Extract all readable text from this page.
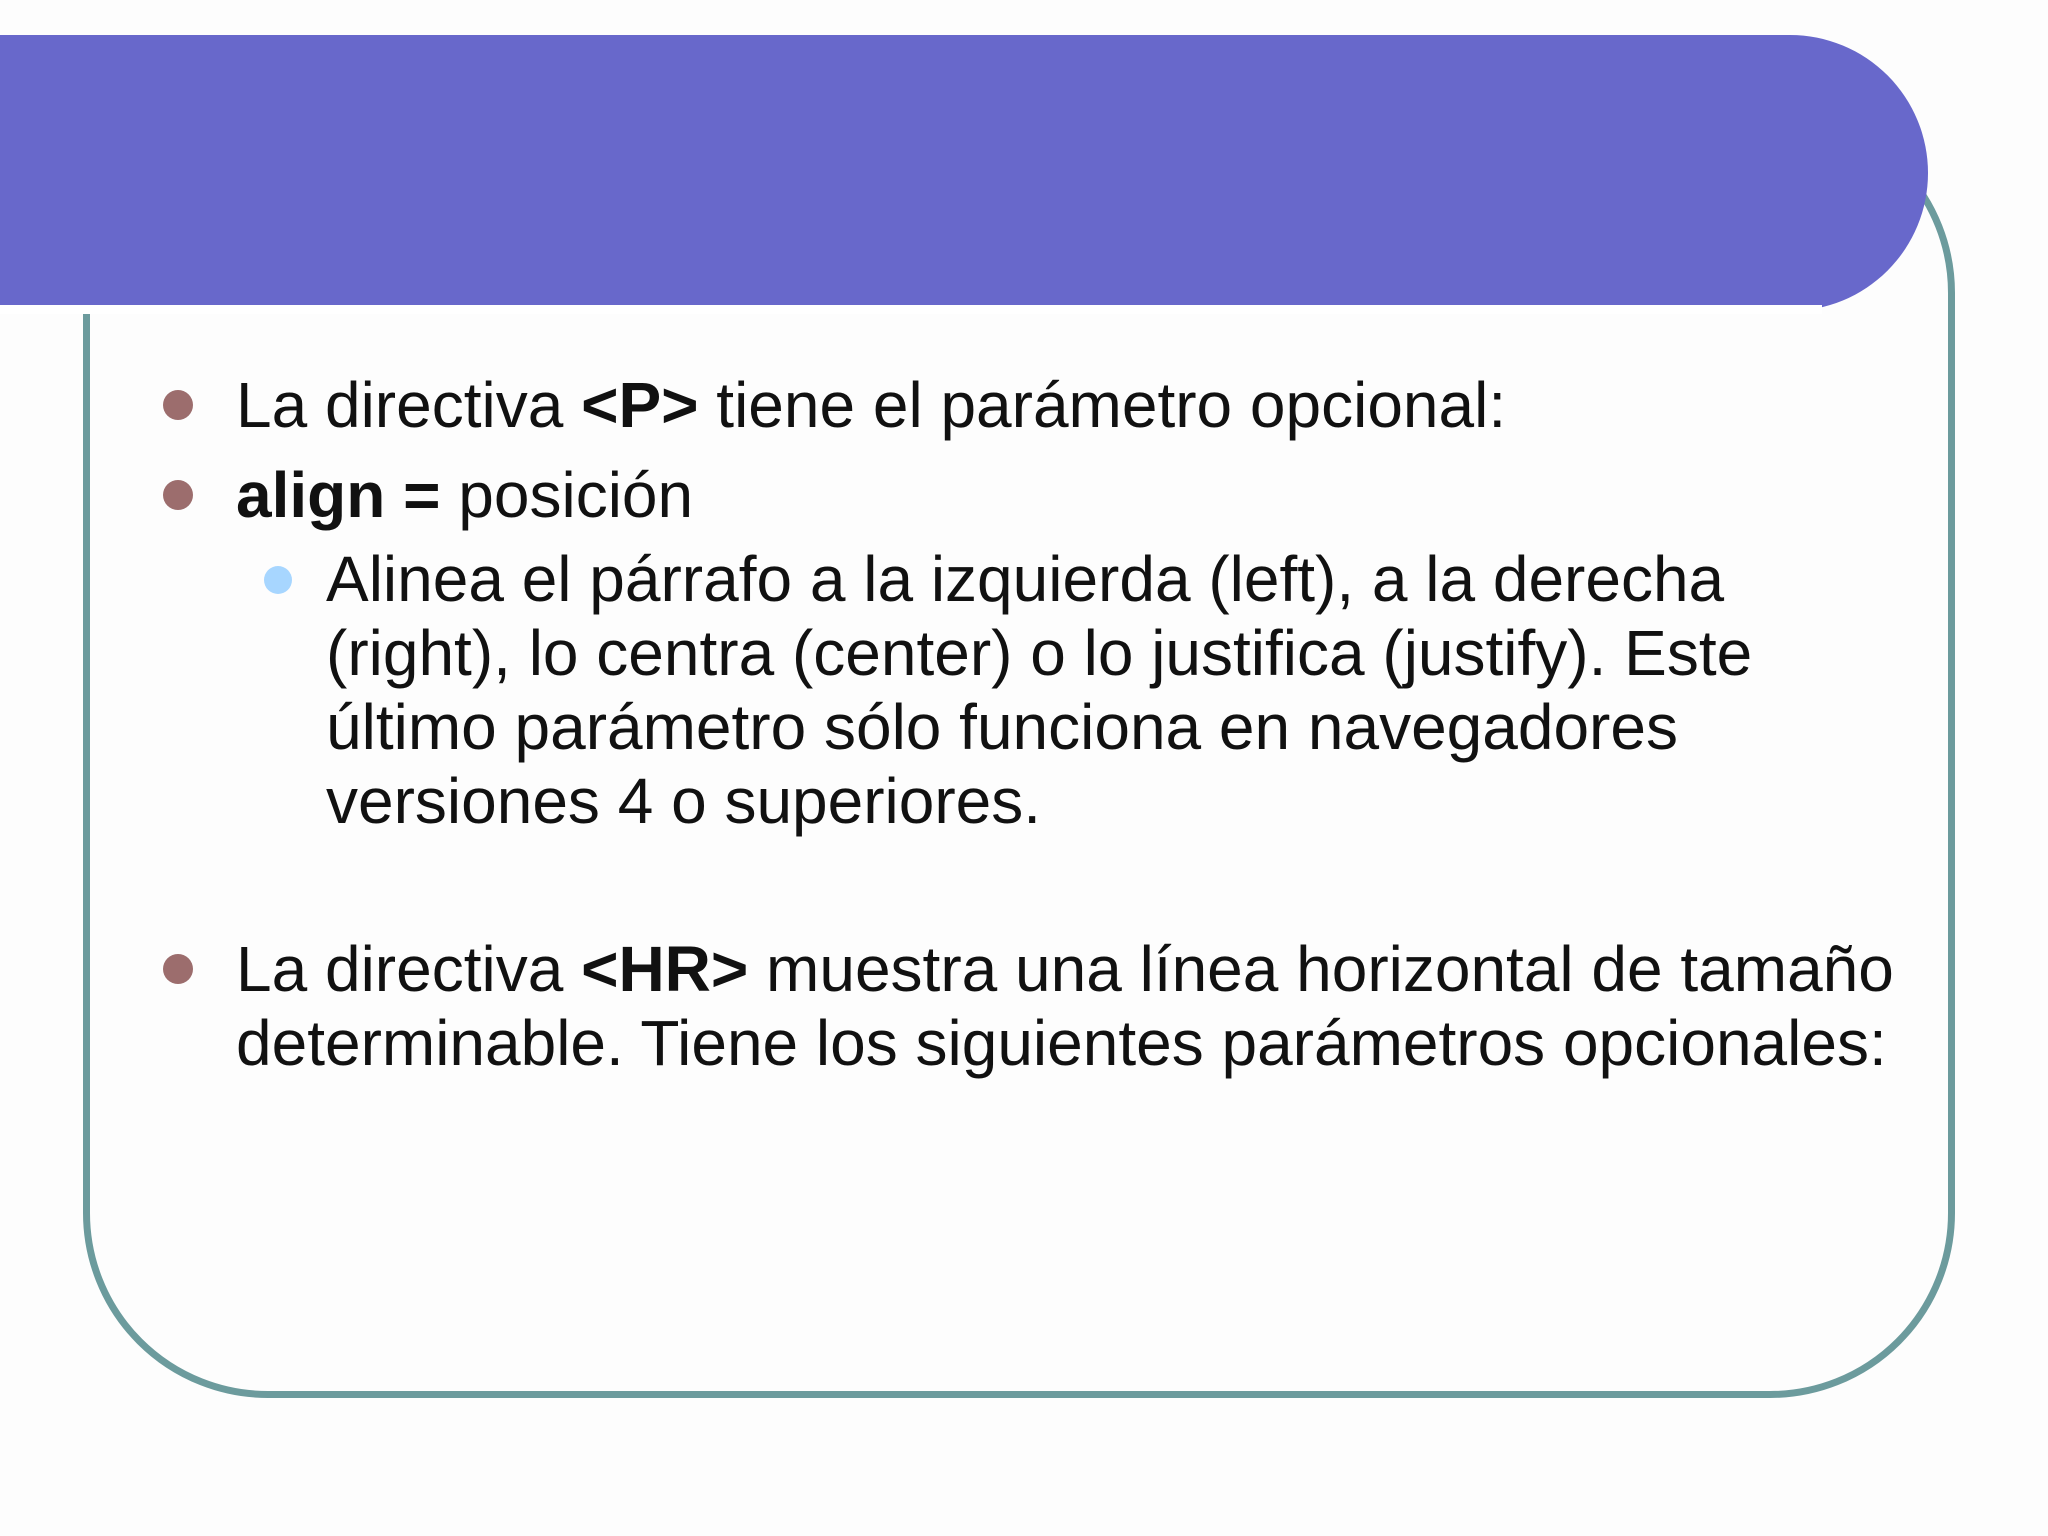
La directiva <P> tiene el parámetro opcional:
align = posición
Alinea el párrafo a la izquierda (left), a la derecha (right), lo centra (center) o lo justifica (justify). Este último parámetro sólo funciona en navegadores versiones 4 o superiores.
La directiva <HR> muestra una línea horizontal de tamaño determinable. Tiene los siguientes parámetros opcionales:
